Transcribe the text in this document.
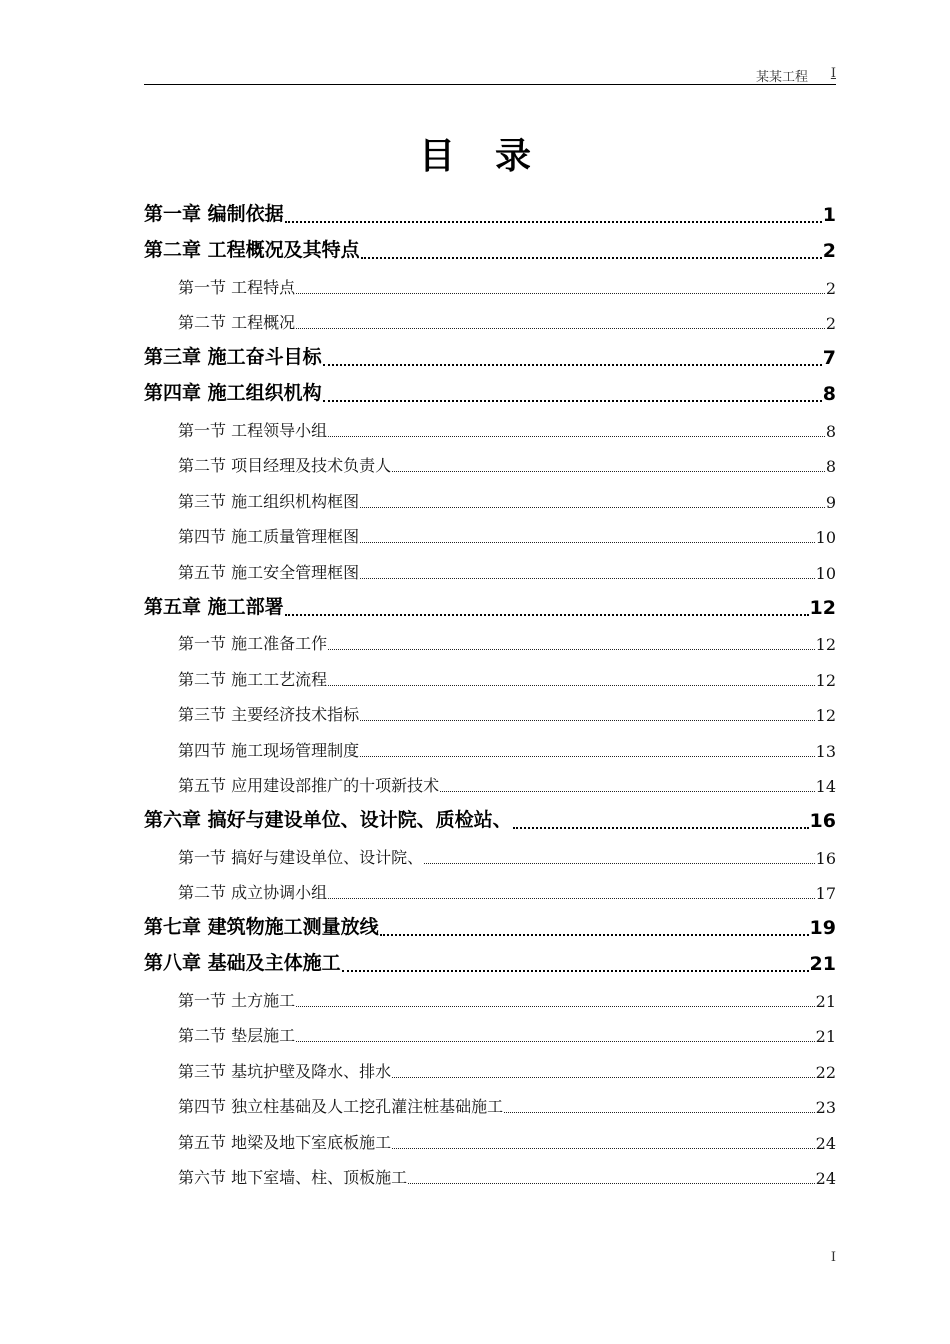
某某工程 I
目录
第一章 编制依据	1
第二章 工程概况及其特点	2
第一节 工程特点	2
第二节 工程概况	2
第三章 施工奋斗目标	7
第四章 施工组织机构	8
第一节 工程领导小组	8
第二节 项目经理及技术负责人	8
第三节 施工组织机构框图	9
第四节 施工质量管理框图	10
第五节 施工安全管理框图	10
第五章 施工部署	12
第一节 施工准备工作	12
第二节 施工工艺流程	12
第三节 主要经济技术指标	12
第四节 施工现场管理制度	13
第五节 应用建设部推广的十项新技术	14
第六章 搞好与建设单位、设计院、质检站、	16
第一节 搞好与建设单位、设计院、	16
第二节 成立协调小组	17
第七章 建筑物施工测量放线	19
第八章 基础及主体施工	21
第一节 土方施工	21
第二节 垫层施工	21
第三节 基坑护壁及降水、排水	22
第四节 独立柱基础及人工挖孔灌注桩基础施工	23
第五节 地梁及地下室底板施工	24
第六节 地下室墙、柱、顶板施工	24
I
